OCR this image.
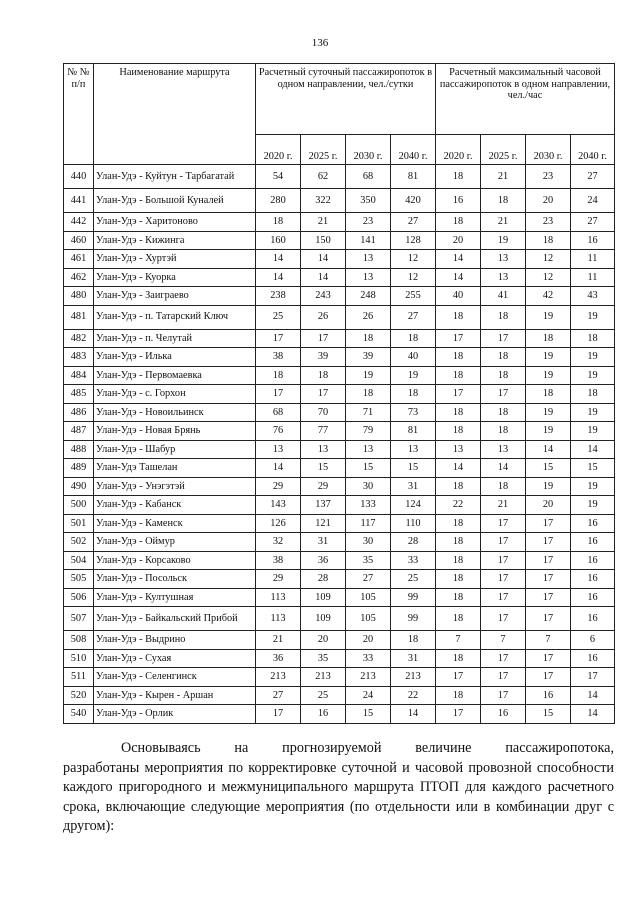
136
№ № п/п	Наименование маршрута	Расчетный суточный пассажиропоток в одном направлении, чел./сутки				Расчетный максимальный часовой пассажиропоток в одном направлении, чел./час			
		2020 г.	2025 г.	2030 г.	2040 г.	2020 г.	2025 г.	2030 г.	2040 г.
440	Улан-Удэ - Куйтун - Тарбагатай	54	62	68	81	18	21	23	27
441	Улан-Удэ - Большой Куналей	280	322	350	420	16	18	20	24
442	Улан-Удэ - Харитоново	18	21	23	27	18	21	23	27
460	Улан-Удэ - Кижинга	160	150	141	128	20	19	18	16
461	Улан-Удэ - Хуртэй	14	14	13	12	14	13	12	11
462	Улан-Удэ - Куорка	14	14	13	12	14	13	12	11
480	Улан-Удэ - Заиграево	238	243	248	255	40	41	42	43
481	Улан-Удэ - п. Татарский Ключ	25	26	26	27	18	18	19	19
482	Улан-Удэ - п. Челутай	17	17	18	18	17	17	18	18
483	Улан-Удэ - Илька	38	39	39	40	18	18	19	19
484	Улан-Удэ - Первомаевка	18	18	19	19	18	18	19	19
485	Улан-Удэ - с. Горхон	17	17	18	18	17	17	18	18
486	Улан-Удэ - Новоильинск	68	70	71	73	18	18	19	19
487	Улан-Удэ - Новая Брянь	76	77	79	81	18	18	19	19
488	Улан-Удэ - Шабур	13	13	13	13	13	13	14	14
489	Улан-Удэ Ташелан	14	15	15	15	14	14	15	15
490	Улан-Удэ - Унэгэтэй	29	29	30	31	18	18	19	19
500	Улан-Удэ - Кабанск	143	137	133	124	22	21	20	19
501	Улан-Удэ - Каменск	126	121	117	110	18	17	17	16
502	Улан-Удэ - Оймур	32	31	30	28	18	17	17	16
504	Улан-Удэ - Корсаково	38	36	35	33	18	17	17	16
505	Улан-Удэ - Посольск	29	28	27	25	18	17	17	16
506	Улан-Удэ - Култушная	113	109	105	99	18	17	17	16
507	Улан-Удэ - Байкальский Прибой	113	109	105	99	18	17	17	16
508	Улан-Удэ - Выдрино	21	20	20	18	7	7	7	6
510	Улан-Удэ - Сухая	36	35	33	31	18	17	17	16
511	Улан-Удэ - Селенгинск	213	213	213	213	17	17	17	17
520	Улан-Удэ - Кырен - Аршан	27	25	24	22	18	17	16	14
540	Улан-Удэ - Орлик	17	16	15	14	17	16	15	14
Основываясь на прогнозируемой величине пассажиропотока,
разработаны мероприятия по корректировке суточной и часовой провозной способности каждого пригородного и межмуниципального маршрута ПТОП для каждого расчетного срока, включающие следующие мероприятия (по отдельности или в комбинации друг с другом):
